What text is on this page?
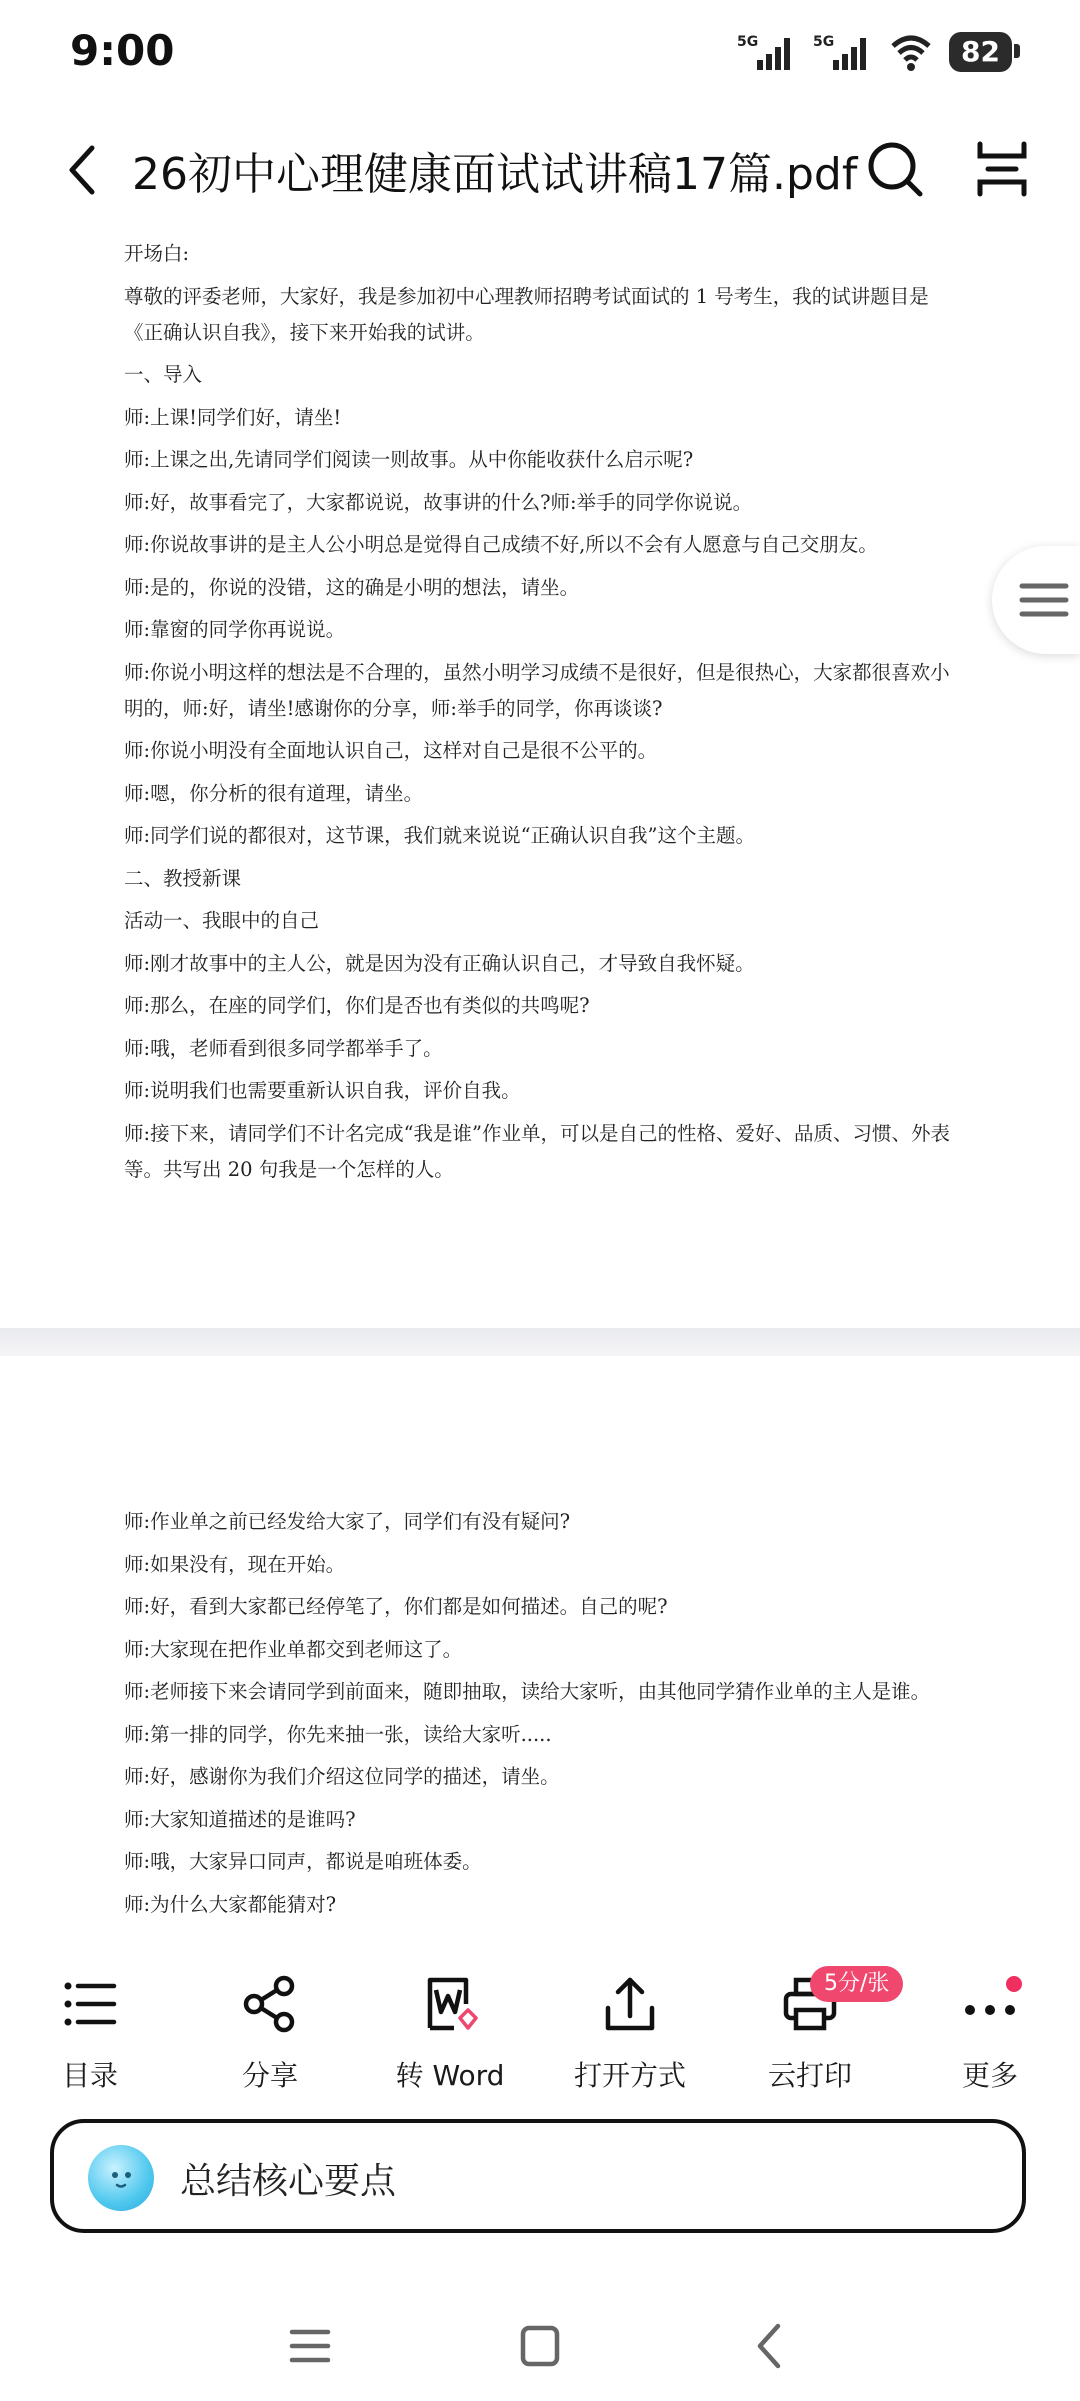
9:00	5G	5G	82
26初中心理健康面试试讲稿17篇.pdf

开场白:

尊敬的评委老师，大家好，我是参加初中心理教师招聘考试面试的 1 号考生，我的试讲题目是《正确认识自我》，接下来开始我的试讲。

一、导入

师:上课!同学们好，请坐!

师:上课之出,先请同学们阅读一则故事。从中你能收获什么启示呢?

师:好，故事看完了，大家都说说，故事讲的什么?师:举手的同学你说说。

师:你说故事讲的是主人公小明总是觉得自己成绩不好,所以不会有人愿意与自己交朋友。

师:是的，你说的没错，这的确是小明的想法，请坐。

师:靠窗的同学你再说说。

师:你说小明这样的想法是不合理的，虽然小明学习成绩不是很好，但是很热心，大家都很喜欢小明的，师:好，请坐!感谢你的分享，师:举手的同学，你再谈谈?

师:你说小明没有全面地认识自己，这样对自己是很不公平的。

师:嗯，你分析的很有道理，请坐。

师:同学们说的都很对，这节课，我们就来说说“正确认识自我”这个主题。

二、教授新课

活动一、我眼中的自己

师:刚才故事中的主人公，就是因为没有正确认识自己，才导致自我怀疑。

师:那么，在座的同学们，你们是否也有类似的共鸣呢?

师:哦，老师看到很多同学都举手了。

师:说明我们也需要重新认识自我，评价自我。

师:接下来，请同学们不计名完成“我是谁”作业单，可以是自己的性格、爱好、品质、习惯、外表等。共写出 20 句我是一个怎样的人。

师:作业单之前已经发给大家了，同学们有没有疑问?

师:如果没有，现在开始。

师:好，看到大家都已经停笔了，你们都是如何描述。自己的呢?

师:大家现在把作业单都交到老师这了。

师:老师接下来会请同学到前面来，随即抽取，读给大家听，由其他同学猜作业单的主人是谁。

师:第一排的同学，你先来抽一张，读给大家听.....

师:好，感谢你为我们介绍这位同学的描述，请坐。

师:大家知道描述的是谁吗?

师:哦，大家异口同声，都说是咱班体委。

师:为什么大家都能猜对?

目录	分享	转 Word	打开方式	云打印	更多
5分/张
总结核心要点
